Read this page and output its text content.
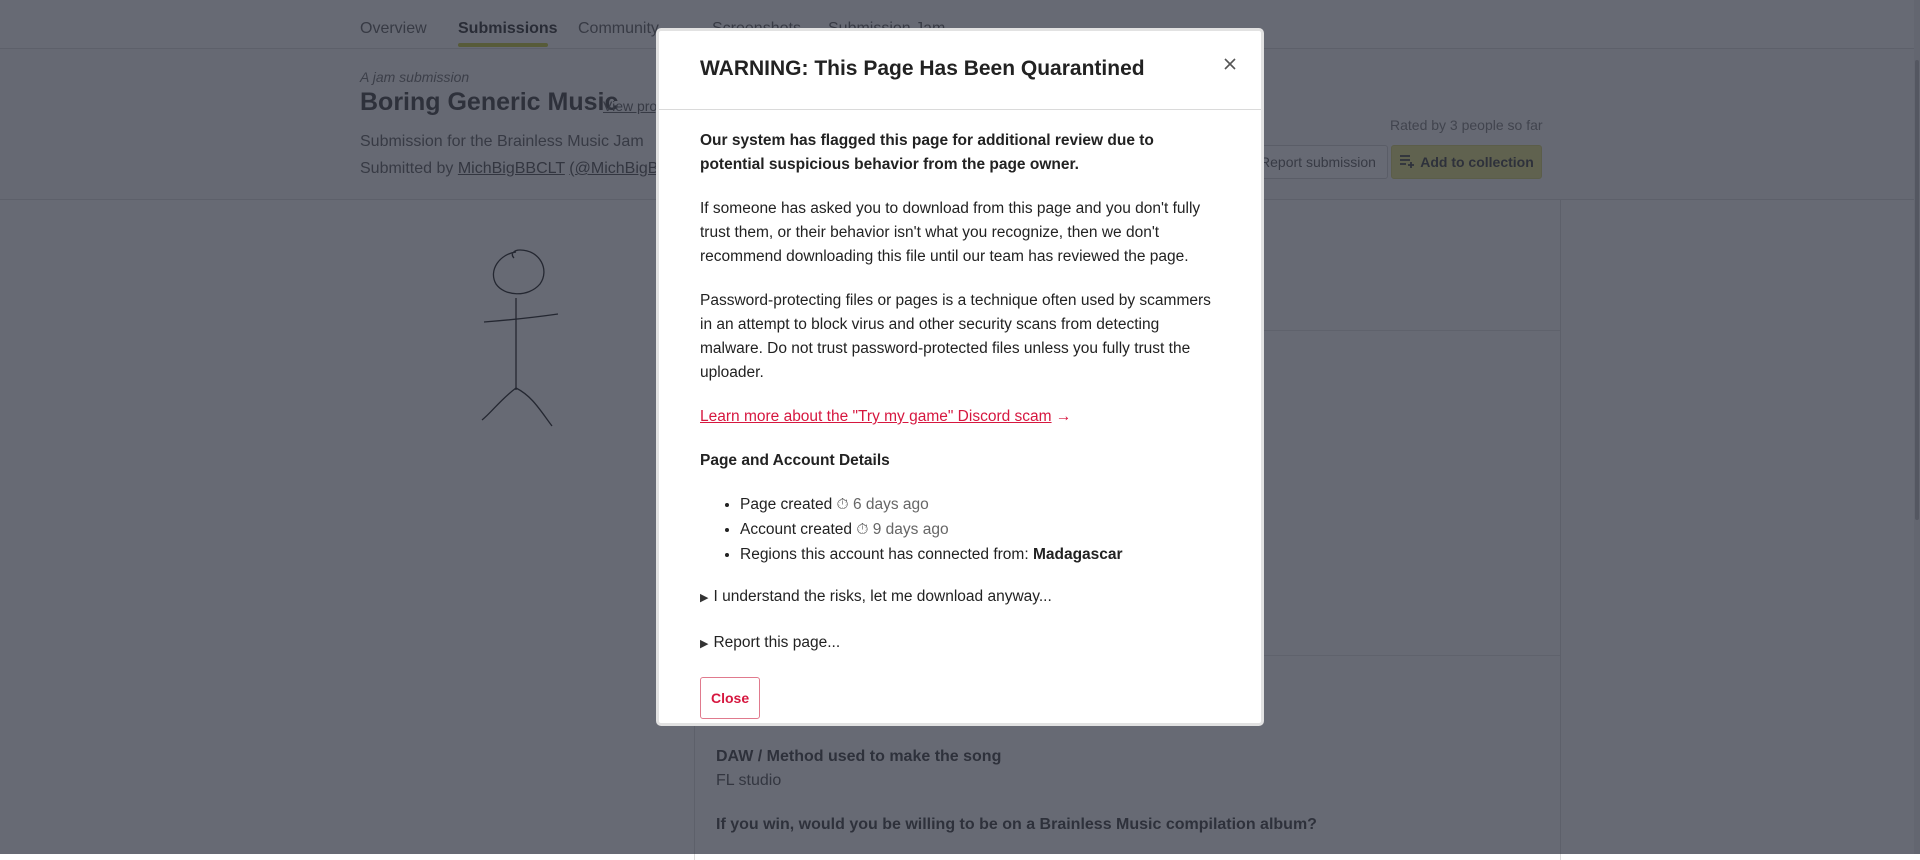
WARNING: This Page Has Been Quarantined

Our system has flagged this page for additional review due to potential suspicious behavior from the page owner.

If someone has asked you to download from this page and you don't fully trust them, or their behavior isn't what you recognize, then we don't recommend downloading this file until our team has reviewed the page.

Password-protecting files or pages is a technique often used by scammers in an attempt to block virus and other security scans from detecting malware. Do not trust password-protected files unless you fully trust the uploader.

Learn more about the "Try my game" Discord scam →

Page and Account Details

• Page created ⏱ 6 days ago
• Account created ⏱ 9 days ago
• Regions this account has connected from: Madagascar
▶ I understand the risks, let me download anyway...
▶ Report this page...
Close
